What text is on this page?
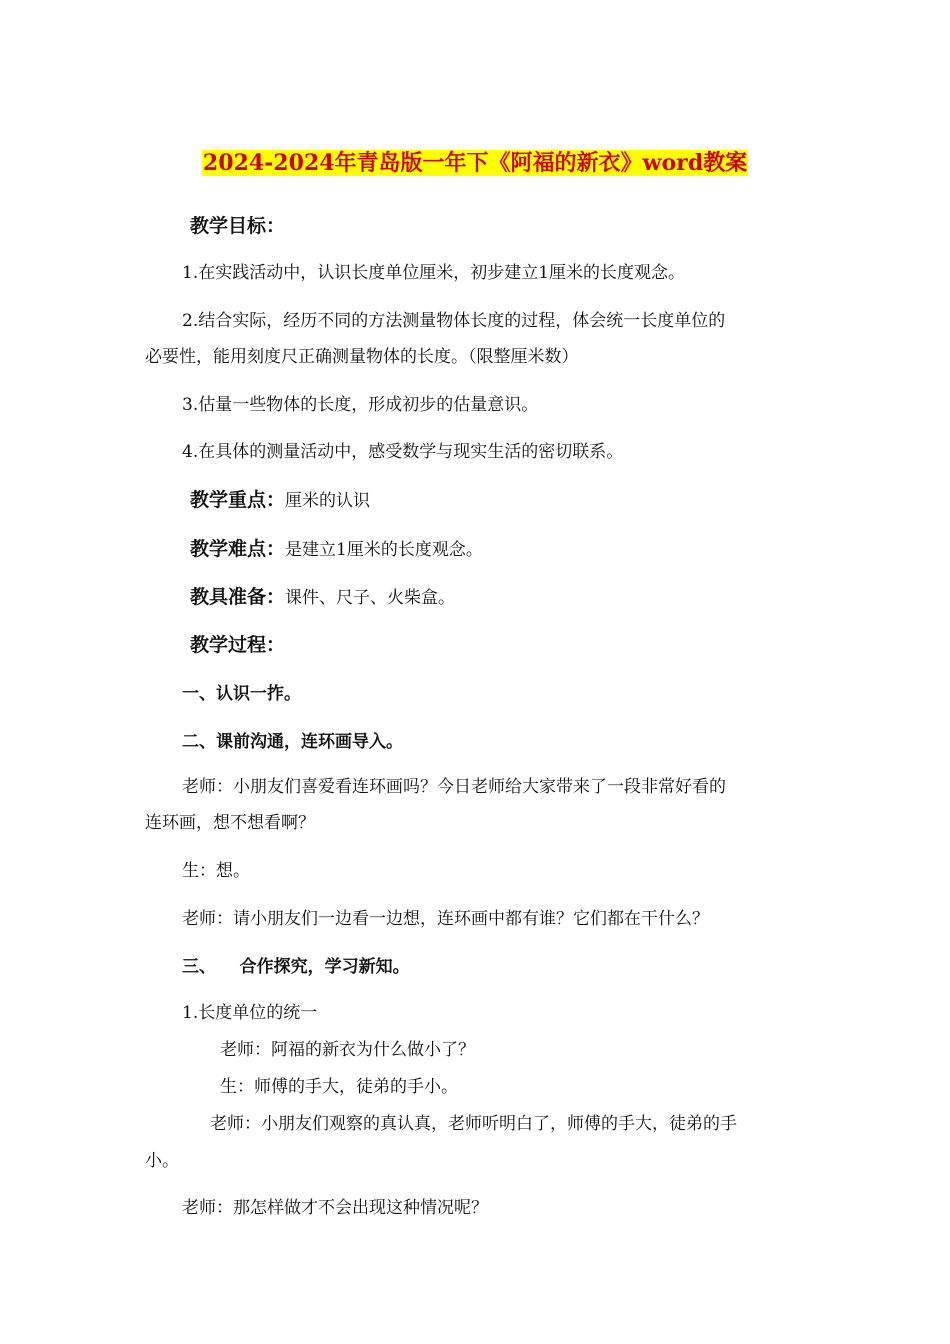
2024-2024年青岛版一年下《阿福的新衣》word教案
教学目标：
1.在实践活动中，认识长度单位厘米，初步建立1厘米的长度观念。
2.结合实际，经历不同的方法测量物体长度的过程，体会统一长度单位的
必要性，能用刻度尺正确测量物体的长度。（限整厘米数）
3.估量一些物体的长度，形成初步的估量意识。
4.在具体的测量活动中，感受数学与现实生活的密切联系。
教学重点：厘米的认识
教学难点：是建立1厘米的长度观念。
教具准备：课件、尺子、火柴盒。
教学过程：
一、认识一拃。
二、课前沟通，连环画导入。
老师：小朋友们喜爱看连环画吗？今日老师给大家带来了一段非常好看的
连环画，想不想看啊？
生：想。
老师：请小朋友们一边看一边想，连环画中都有谁？它们都在干什么？
三、    合作探究，学习新知。
1.长度单位的统一
老师：阿福的新衣为什么做小了？
生：师傅的手大，徒弟的手小。
老师：小朋友们观察的真认真，老师听明白了，师傅的手大，徒弟的手
小。
老师：那怎样做才不会出现这种情况呢？
